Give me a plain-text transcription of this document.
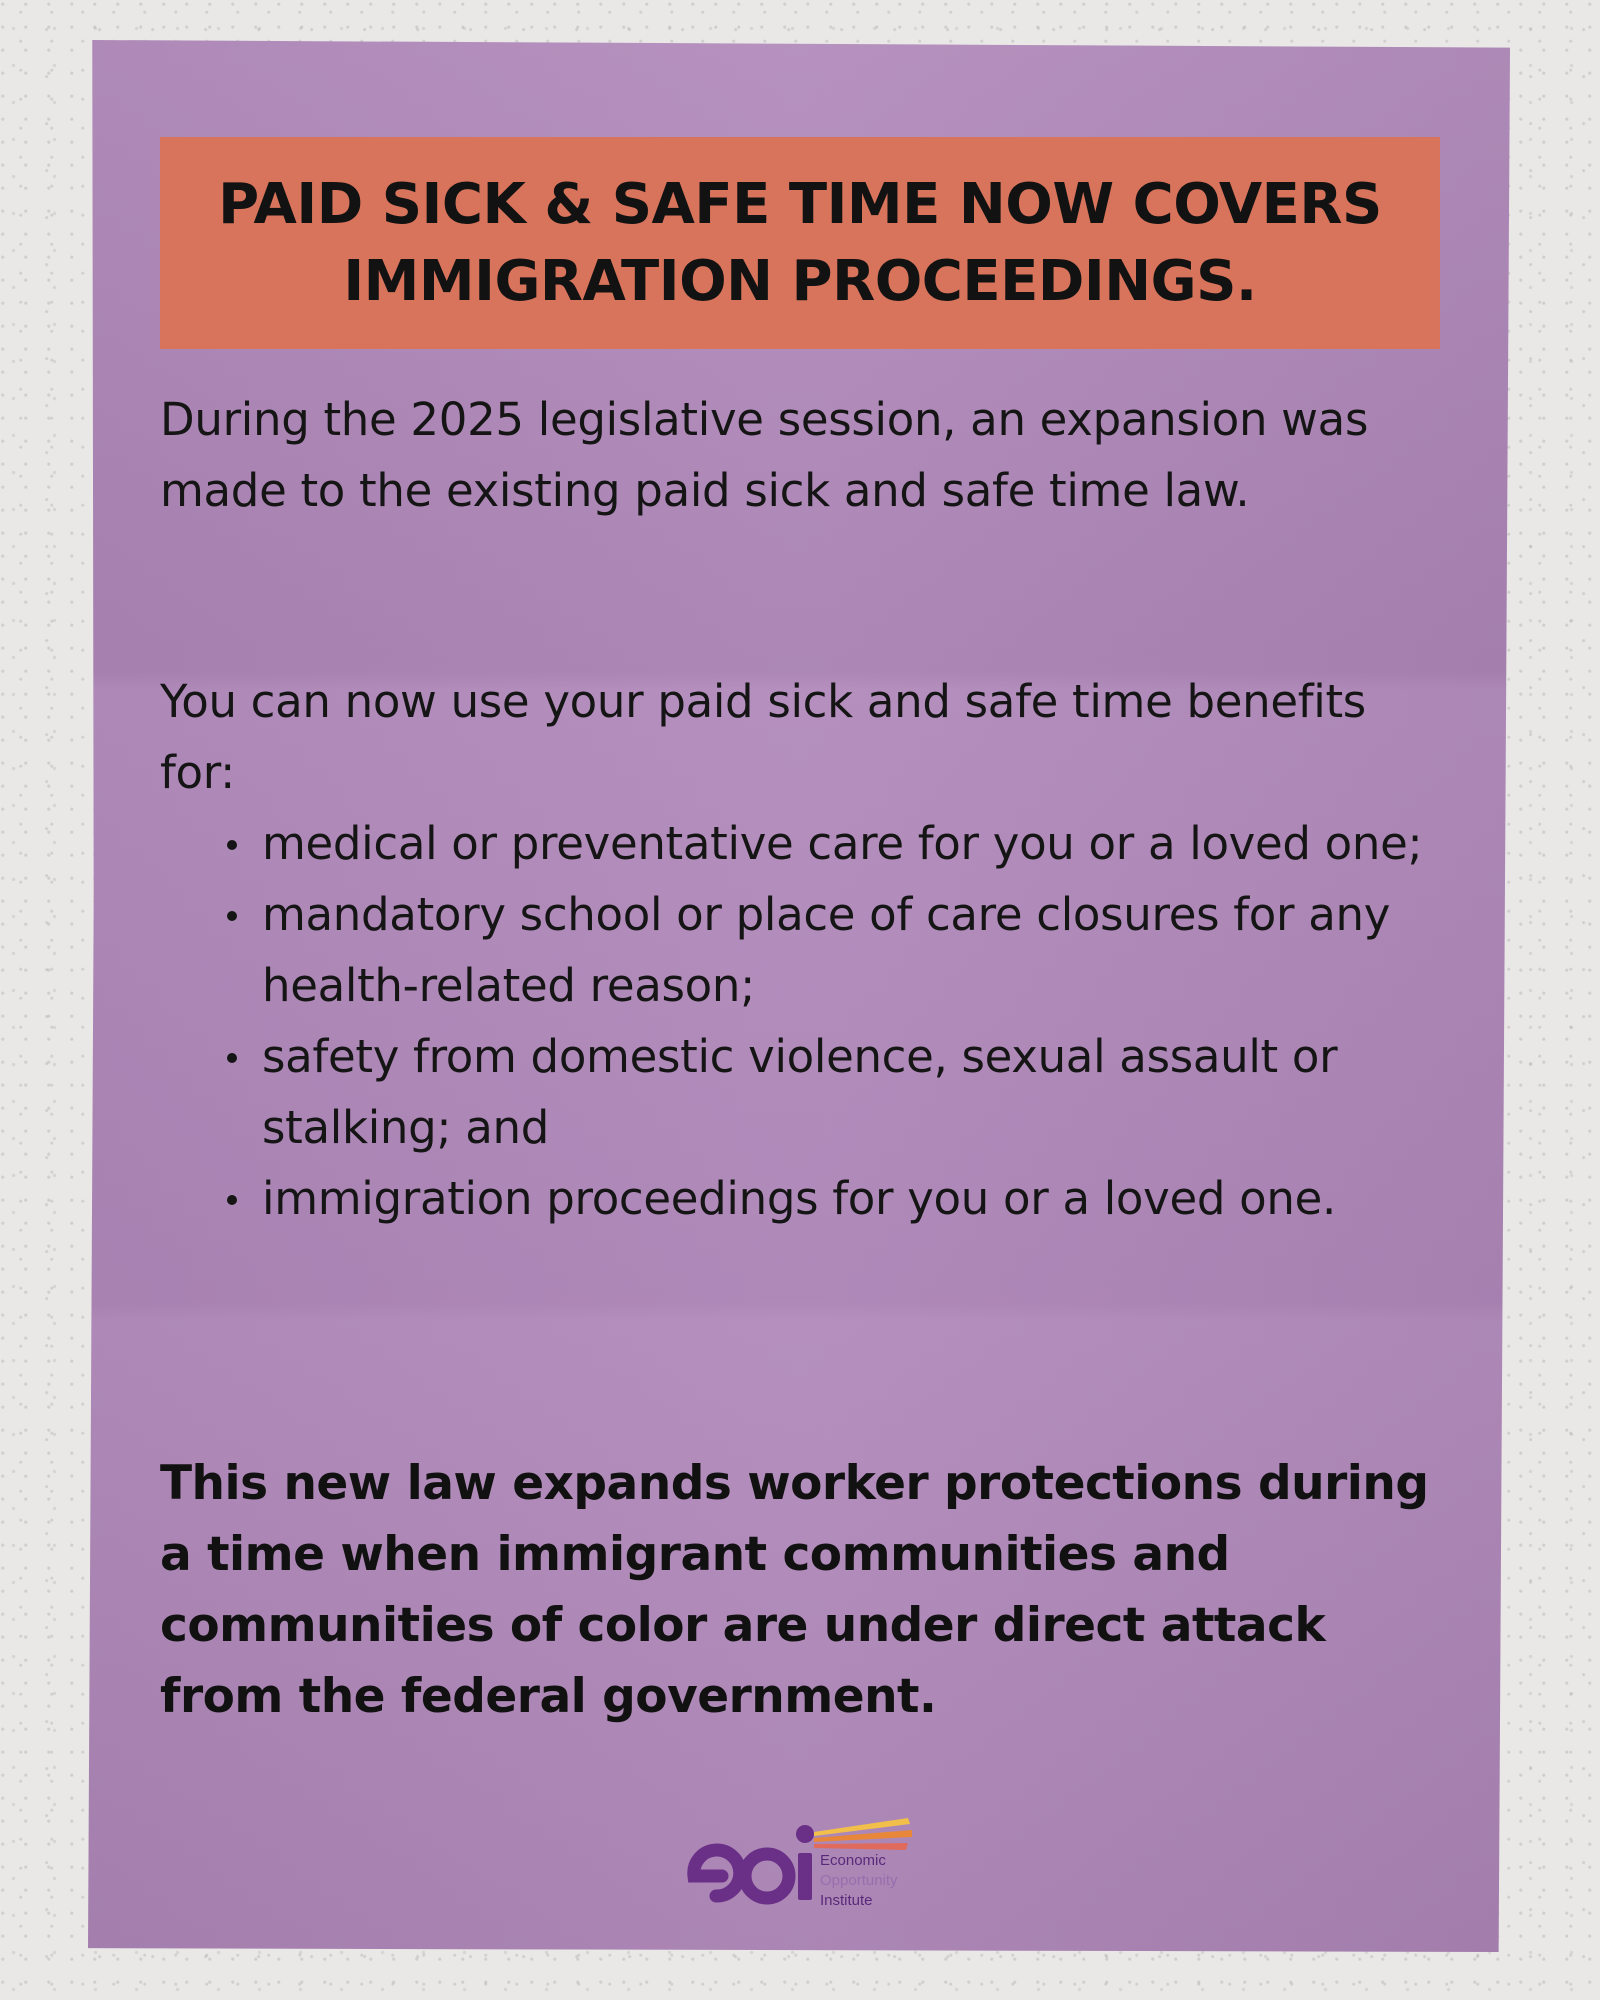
PAID SICK & SAFE TIME NOW COVERS
IMMIGRATION PROCEEDINGS.

During the 2025 legislative session, an expansion was made to the existing paid sick and safe time law.

You can now use your paid sick and safe time benefits for:

medical or preventative care for you or a loved one;
mandatory school or place of care closures for any health-related reason;
safety from domestic violence, sexual assault or stalking; and
immigration proceedings for you or a loved one.

This new law expands worker protections during a time when immigrant communities and communities of color are under direct attack from the federal government.

Economic
Opportunity
Institute
